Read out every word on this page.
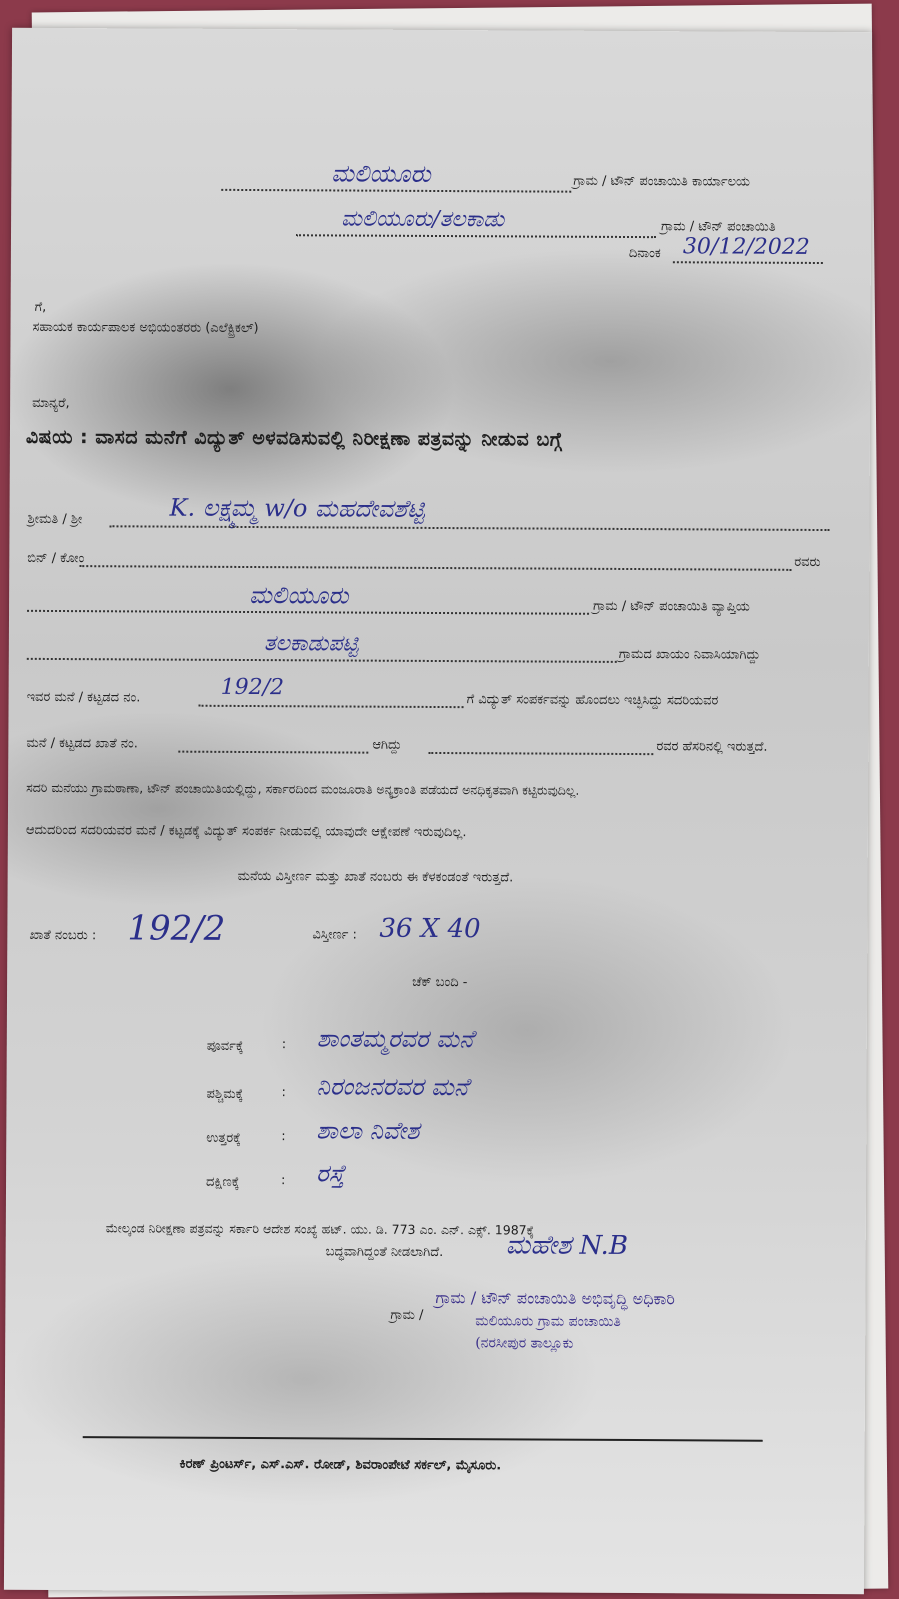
ಮಲಿಯೂರು	ಗ್ರಾಮ / ಟೌನ್ ಪಂಚಾಯಿತಿ ಕಾರ್ಯಾಲಯ
ಮಲಿಯೂರು/ತಲಕಾಡು	ಗ್ರಾಮ / ಟೌನ್ ಪಂಚಾಯಿತಿ
ದಿನಾಂಕ 30/12/2022
ಗೆ,
ಸಹಾಯಕ ಕಾರ್ಯಪಾಲಕ ಅಭಿಯಂತರರು (ಎಲೆಕ್ಟ್ರಿಕಲ್)
ಮಾನ್ಯರೆ,
ವಿಷಯ : ವಾಸದ ಮನೆಗೆ ವಿದ್ಯುತ್ ಅಳವಡಿಸುವಲ್ಲಿ ನಿರೀಕ್ಷಣಾ ಪತ್ರವನ್ನು ನೀಡುವ ಬಗ್ಗೆ
ಶ್ರೀಮತಿ / ಶ್ರೀ	K. ಲಕ್ಷ್ಮಮ್ಮ w/o ಮಹದೇವಶೆಟ್ಟಿ
ಬಿನ್ / ಕೋಂ	ರವರು
ಮಲಿಯೂರು	ಗ್ರಾಮ / ಟೌನ್ ಪಂಚಾಯಿತಿ ವ್ಯಾಪ್ತಿಯ
ತಲಕಾಡುಪಟ್ಟಿ	ಗ್ರಾಮದ ಖಾಯಂ ನಿವಾಸಿಯಾಗಿದ್ದು
ಇವರ ಮನೆ / ಕಟ್ಟಡದ ನಂ.	192/2
ಗೆ ವಿದ್ಯುತ್ ಸಂಪರ್ಕವನ್ನು ಹೊಂದಲು ಇಚ್ಛಿಸಿದ್ದು ಸದರಿಯವರ
ಮನೆ / ಕಟ್ಟಡದ ಖಾತೆ ನಂ.	ಆಗಿದ್ದು	ರವರ ಹೆಸರಿನಲ್ಲಿ ಇರುತ್ತದೆ.
ಸದರಿ ಮನೆಯು ಗ್ರಾಮಠಾಣಾ, ಟೌನ್ ಪಂಚಾಯಿತಿಯಲ್ಲಿದ್ದು, ಸರ್ಕಾರದಿಂದ ಮಂಜೂರಾತಿ ಅನ್ಯಕ್ರಾಂತಿ ಪಡೆಯದೆ ಅನಧಿಕೃತವಾಗಿ ಕಟ್ಟಿರುವುದಿಲ್ಲ.
ಆದುದರಿಂದ ಸದರಿಯವರ ಮನೆ / ಕಟ್ಟಡಕ್ಕೆ ವಿದ್ಯುತ್ ಸಂಪರ್ಕ ನೀಡುವಲ್ಲಿ ಯಾವುದೇ ಆಕ್ಷೇಪಣೆ ಇರುವುದಿಲ್ಲ.
ಮನೆಯ ವಿಸ್ತೀರ್ಣ ಮತ್ತು ಖಾತೆ ನಂಬರು ಈ ಕೆಳಕಂಡಂತೆ ಇರುತ್ತದೆ.
ಖಾತೆ ನಂಬರು : 192/2	ವಿಸ್ತೀರ್ಣ : 36 X 40
ಚೆಕ್ ಬಂದಿ -
ಪೂರ್ವಕ್ಕೆ	: ಶಾಂತಮ್ಮರವರ ಮನೆ
ಪಶ್ಚಿಮಕ್ಕೆ	: ನಿರಂಜನರವರ ಮನೆ
ಉತ್ತರಕ್ಕೆ	: ಶಾಲಾ ನಿವೇಶ
ದಕ್ಷಿಣಕ್ಕೆ	: ರಸ್ತೆ
ಮೇಲ್ಕಂಡ ನಿರೀಕ್ಷಣಾ ಪತ್ರವನ್ನು ಸರ್ಕಾರಿ ಆದೇಶ ಸಂಖ್ಯೆ ಹಟ್. ಯು. ಡಿ. 773 ಎಂ. ಎನ್. ಎಕ್ಸ್. 1987ಕ್ಕೆ
ಬದ್ಧವಾಗಿದ್ದಂತೆ ನೀಡಲಾಗಿದೆ. ಮಹೇಶ N.B
ಗ್ರಾಮ /
ಗ್ರಾಮ / ಟೌನ್ ಪಂಚಾಯಿತಿ ಅಭಿವೃದ್ಧಿ ಅಧಿಕಾರಿ
ಮಲಿಯೂರು ಗ್ರಾಮ ಪಂಚಾಯಿತಿ
(ನರಸೀಪುರ ತಾಲ್ಲೂಕು
ಕಿರಣ್ ಪ್ರಿಂಟರ್ಸ್, ಎಸ್.ಎಸ್. ರೋಡ್, ಶಿವರಾಂಪೇಟೆ ಸರ್ಕಲ್, ಮೈಸೂರು.
